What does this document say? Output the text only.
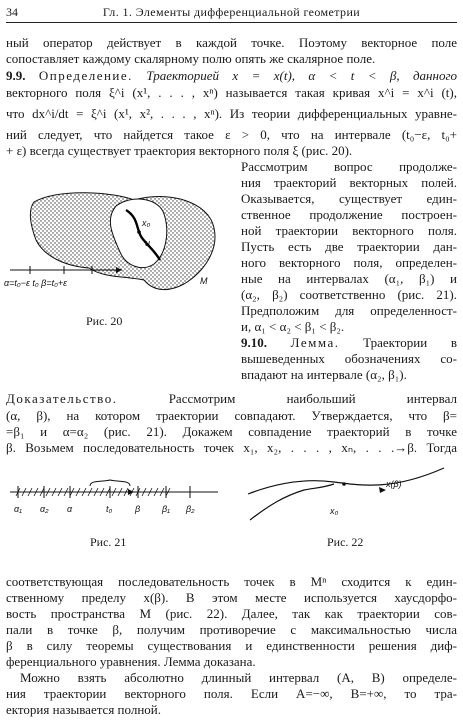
34	Гл. 1. Элементы дифференциальной геометрии
ный оператор действует в каждой точке. Поэтому векторное поле
сопоставляет каждому скалярному полю опять же скалярное поле.
9.9. Определение. Траекторией x = x(t), α < t < β, данного
векторного поля ξ^i (x¹, . . . , xⁿ) называется такая кривая x^i = x^i (t),
что dx^i/dt = ξ^i (x¹, x², . . . , xⁿ). Из теории дифференциальных уравне-
ний следует, что найдется такое ε > 0, что на интервале (t₀−ε, t₀+
+ ε) всегда существует траектория векторного поля ξ (рис. 20).
Рассмотрим вопрос продолже-
ния траекторий векторных полей.
Оказывается, существует един-
ственное продолжение построен-
ной траектории векторного поля.
Пусть есть две траектории дан-
ного векторного поля, определен-
ные на интервалах (α₁, β₁) и
(α₂, β₂) соответственно (рис. 21).
Предположим для определенност-
и, α₁ < α₂ < β₁ < β₂.
9.10. Лемма. Траектории в
вышеведенных обозначениях со-
впадают на интервале (α₂, β₁).
x₀
u
M
α=t₀−ε t₀ β=t₀+ε
Рис. 20
Доказательство.	Рассмотрим наибольший интервал
(α, β), на котором траектории совпадают. Утверждается, что β=
=β₁ и α=α₂ (рис. 21). Докажем совпадение траекторий в точке
β. Возьмем последовательность точек x₁, x₂, . . . , xₙ, . . .→β. Тогда
α₁ α₂ α	t₀	β β₁ β₂
Рис. 21
x₀
x(β)
Рис. 22
соответствующая последовательность точек в Mⁿ сходится к един-
ственному пределу x(β). В этом месте используется хаусдорфо-
вость пространства M (рис. 22). Далее, так как траектории сов-
пали в точке β, получим противоречие с максимальностью числа
β в силу теоремы существования и единственности решения диф-
ференциального уравнения. Лемма доказана.
Можно взять абсолютно длинный интервал (A, B) определе-
ния траектории векторного поля. Если A=−∞, B=+∞, то тра-
ектория называется полной.
